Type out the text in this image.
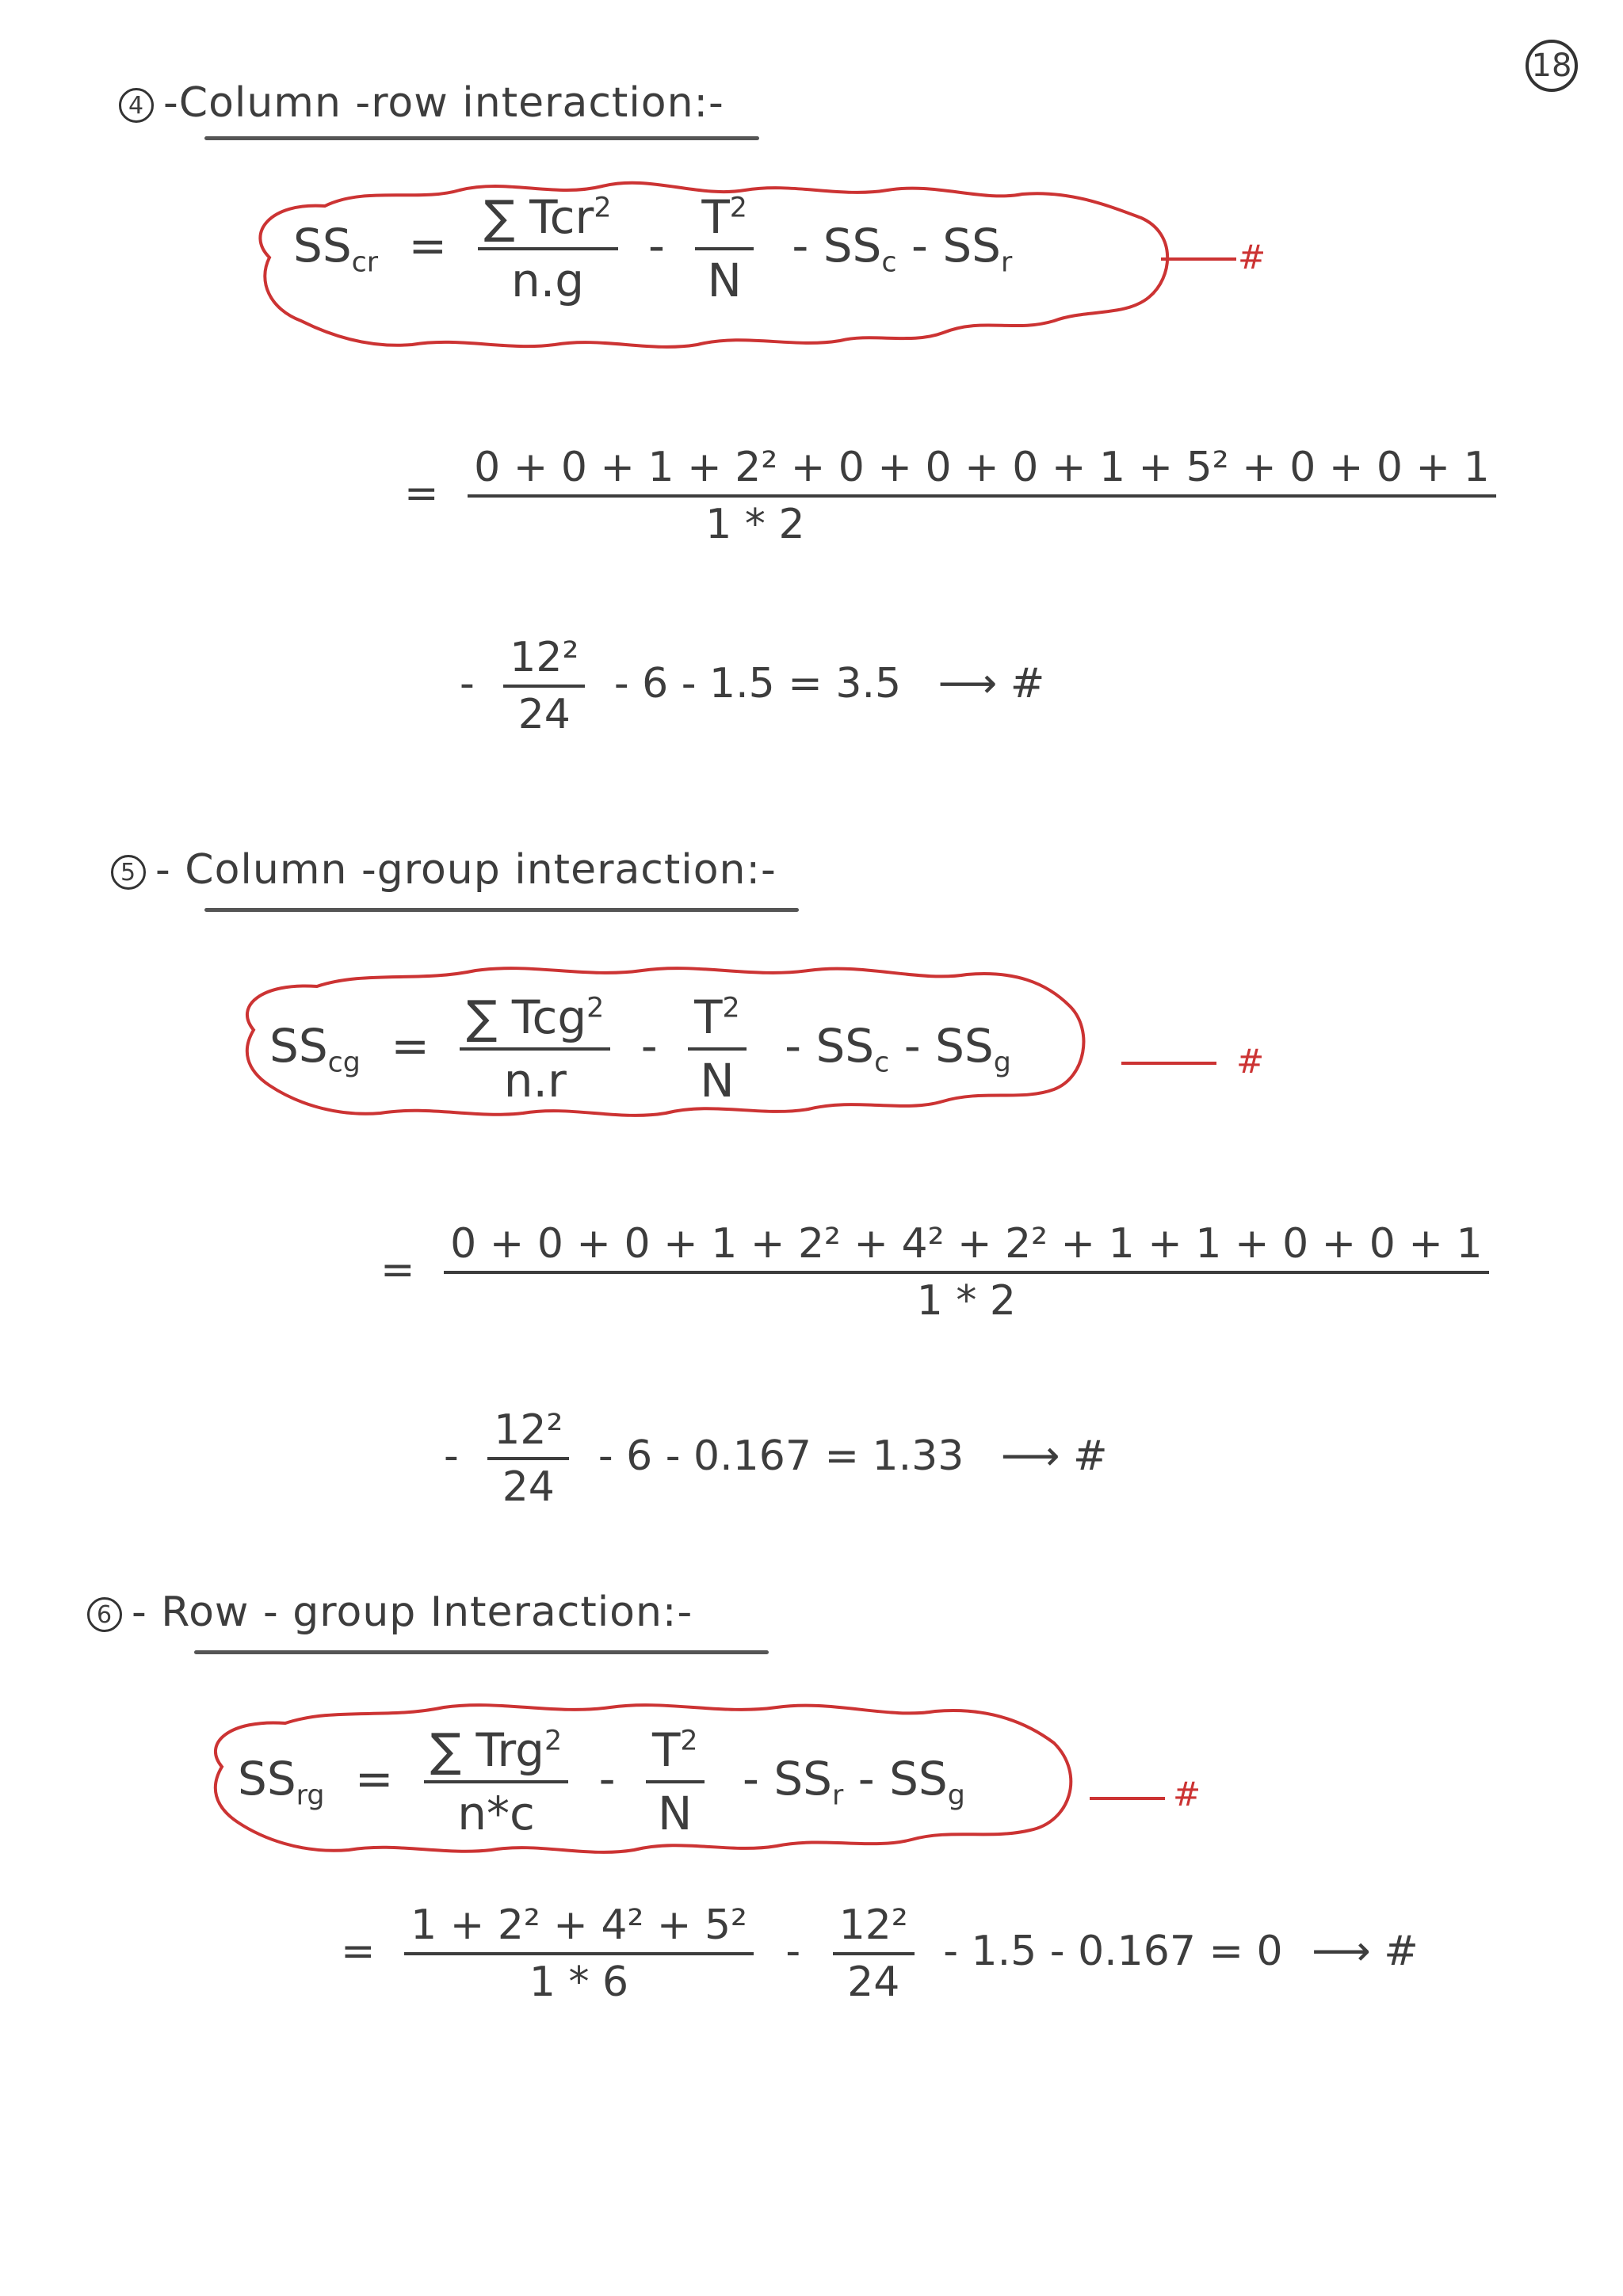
18
4 -Column -row interaction:-
#
$SS_{cr} = \frac{\sum Tcr^2}{n.g} - \frac{T^2}{N} - SS_c - SS_r$
= $\frac{\text{0 + 0 + 1 + 2² + 0 + 0 + 0 + 1 + 5² + 0 + 0 + 1}}{1 * 2}$
- $\frac{\text{12²}}{24} - 6 - 1.5 = 3.5$ ⟶ #
5 - Column -group interaction:-
#
$SS_{cg} = \frac{\sum Tcg^2}{n.r} - \frac{T^2}{N} - SS_c - SS_g$
= $\frac{\text{0 + 0 + 0 + 1 + 2² + 4² + 2² + 1 + 1 + 0 + 0 + 1}}{1 * 2}$
- $\frac{\text{12²}}{24} - 6 - 0.167 = 1.33$ ⟶ #
6 - Row - group Interaction:-
#
$SS_{rg} = \frac{\sum Trg^2}{n*c} - \frac{T^2}{N} - SS_r - SS_g$
= $\frac{\text{1 + 2² + 4² + 5²}}{1 * 6} - \frac{\text{12²}}{24} - 1.5 - 0.167 = 0$ ⟶ #
